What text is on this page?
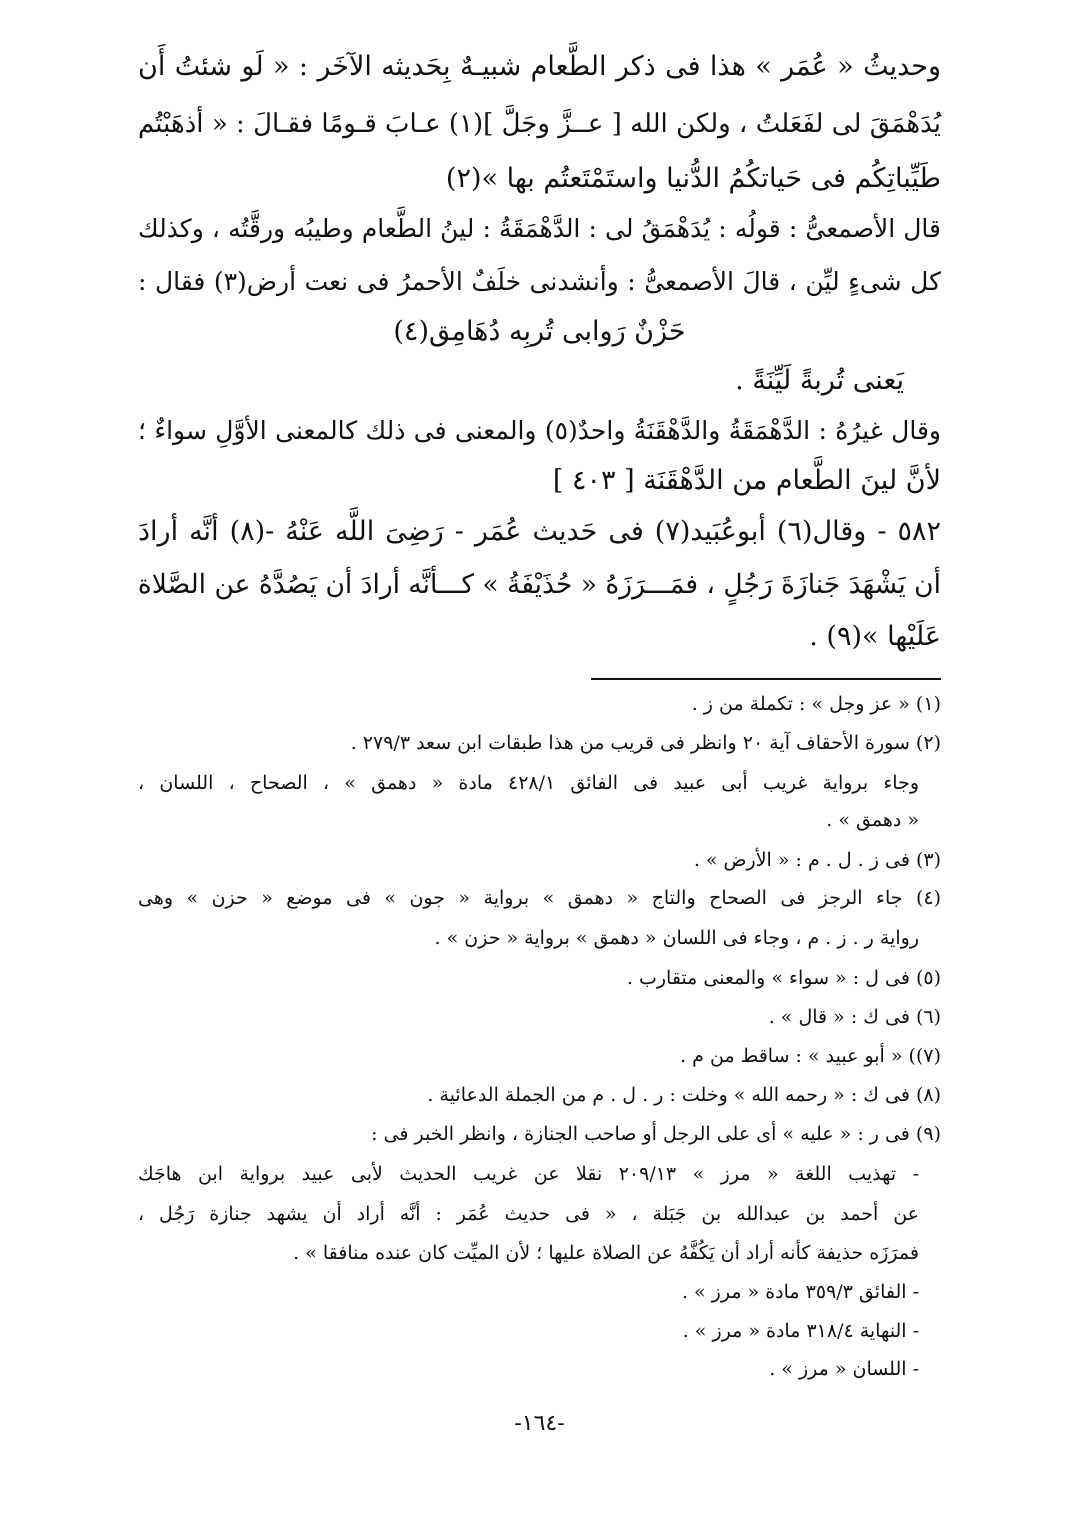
وحديثُ « عُمَر » هذا فى ذكر الطَّعام شبيـهٌ بِحَديثه الآخَر : « لَو شئتُ أَن
يُدَهْمَقَ لى لفَعَلتُ ، ولكن الله [ عــزَّ وجَلَّ ](١) عـابَ قـومًا فقـالَ : « أذهَبْتُم
طَيِّباتِكُم فى حَياتكُمُ الدُّنيا واستَمْتَعتُم بها »(٢)
قال الأصمعىُّ : قولُه : يُدَهْمَقُ لى : الدَّهْمَقَةُ : لينُ الطَّعام وطيبُه ورقَّتُه ، وكذلك
كل شىءٍ ليِّن ، قالَ الأصمعىُّ : وأنشدنى خلَفٌ الأحمرُ فى نعت أرض(٣) فقال :
حَزْنٌ رَوابى تُربِه دُهَامِق(٤)
يَعنى تُربةً لَيِّنَةً .
وقال غيرُهُ : الدَّهْمَقَةُ والدَّهْقَنَةُ واحدٌ(٥) والمعنى فى ذلك كالمعنى الأوَّلِ سواءٌ ؛
لأنَّ لينَ الطَّعام من الدَّهْقَنَة [ ٤٠٣ ]
٥٨٢ - وقال(٦) أبوعُبَيد(٧) فى حَديث عُمَر - رَضِىَ اللَّه عَنْهُ -(٨) أنَّه أرادَ
أن يَشْهَدَ جَنازَةَ رَجُلٍ ، فمَـــرَزَهُ « حُذَيْفَةُ » كـــأنَّه أرادَ أن يَصُدَّهُ عن الصَّلاة
عَلَيْها »(٩) .
(١) « عز وجل » : تكملة من ز .
(٢) سورة الأحقاف آية ٢٠ وانظر فى قريب من هذا طبقات ابن سعد ٢٧٩/٣ .
وجاء برواية غريب أبى عبيد فى الفائق ٤٢٨/١ مادة « دهمق » ، الصحاح ، اللسان ،
« دهمق » .
(٣) فى ز . ل . م : « الأرض » .
(٤) جاء الرجز فى الصحاح والتاج « دهمق » برواية « جون » فى موضع « حزن » وهى
رواية ر . ز . م ، وجاء فى اللسان « دهمق » برواية « حزن » .
(٥) فى ل : « سواء » والمعنى متقارب .
(٦) فى ك : « قال » .
(٧)) « أبو عبيد » : ساقط من م .
(٨) فى ك : « رحمه الله » وخلت : ر . ل . م من الجملة الدعائية .
(٩) فى ر : « عليه » أى على الرجل أو صاحب الجنازة ، وانظر الخبر فى :
- تهذيب اللغة « مرز » ٢٠٩/١٣ نقلا عن غريب الحديث لأبى عبيد برواية ابن هاجَك
عن أحمد بن عبدالله بن جَبَلة ، « فى حديث عُمَر : أنَّه أراد أن يشهد جنازة رَجُل ،
فمرَزَه حذيفة كأنه أراد أن يَكُفَّهُ عن الصلاة عليها ؛ لأن الميِّت كان عنده منافقا » .
- الفائق ٣٥٩/٣ مادة « مرز » .
- النهاية ٣١٨/٤ مادة « مرز » .
- اللسان « مرز » .
-١٦٤-
